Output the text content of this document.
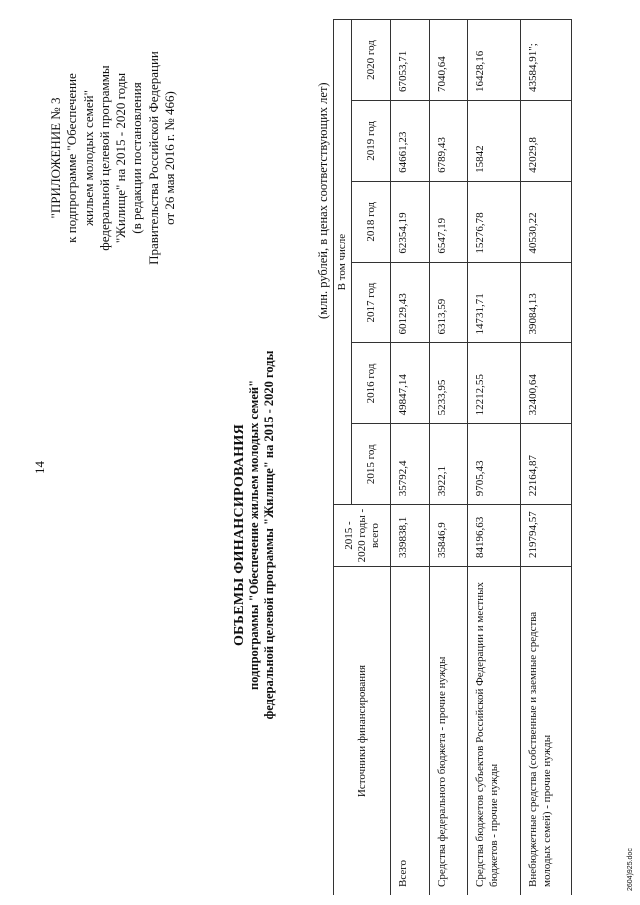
14
"ПРИЛОЖЕНИЕ № 3 к подпрограмме "Обеспечение жильем молодых семей" федеральной целевой программы "Жилище" на 2015 - 2020 годы (в редакции постановления Правительства Российской Федерации от 26 мая 2016 г. № 466)
ОБЪЕМЫ ФИНАНСИРОВАНИЯ подпрограммы "Обеспечение жильем молодых семей" федеральной целевой программы "Жилище" на 2015 - 2020 годы
(млн. рублей, в ценах соответствующих лет)
Источники финансирования	2015 - 2020 годы - всего	В том числе					
		2015 год	2016 год	2017 год	2018 год	2019 год	2020 год
Всего	339838,1	35792,4	49847,14	60129,43	62354,19	64661,23	67053,71
Средства федерального бюджета - прочие нужды	35846,9	3922,1	5233,95	6313,59	6547,19	6789,43	7040,64
Средства бюджетов субъектов Российской Федерации и местных бюджетов - прочие нужды	84196,63	9705,43	12212,55	14731,71	15276,78	15842	16428,16
Внебюджетные средства (собственные и заемные средства молодых семей) - прочие нужды	219794,57	22164,87	32400,64	39084,13	40530,22	42029,8	43584,91";
2604)925.doc
